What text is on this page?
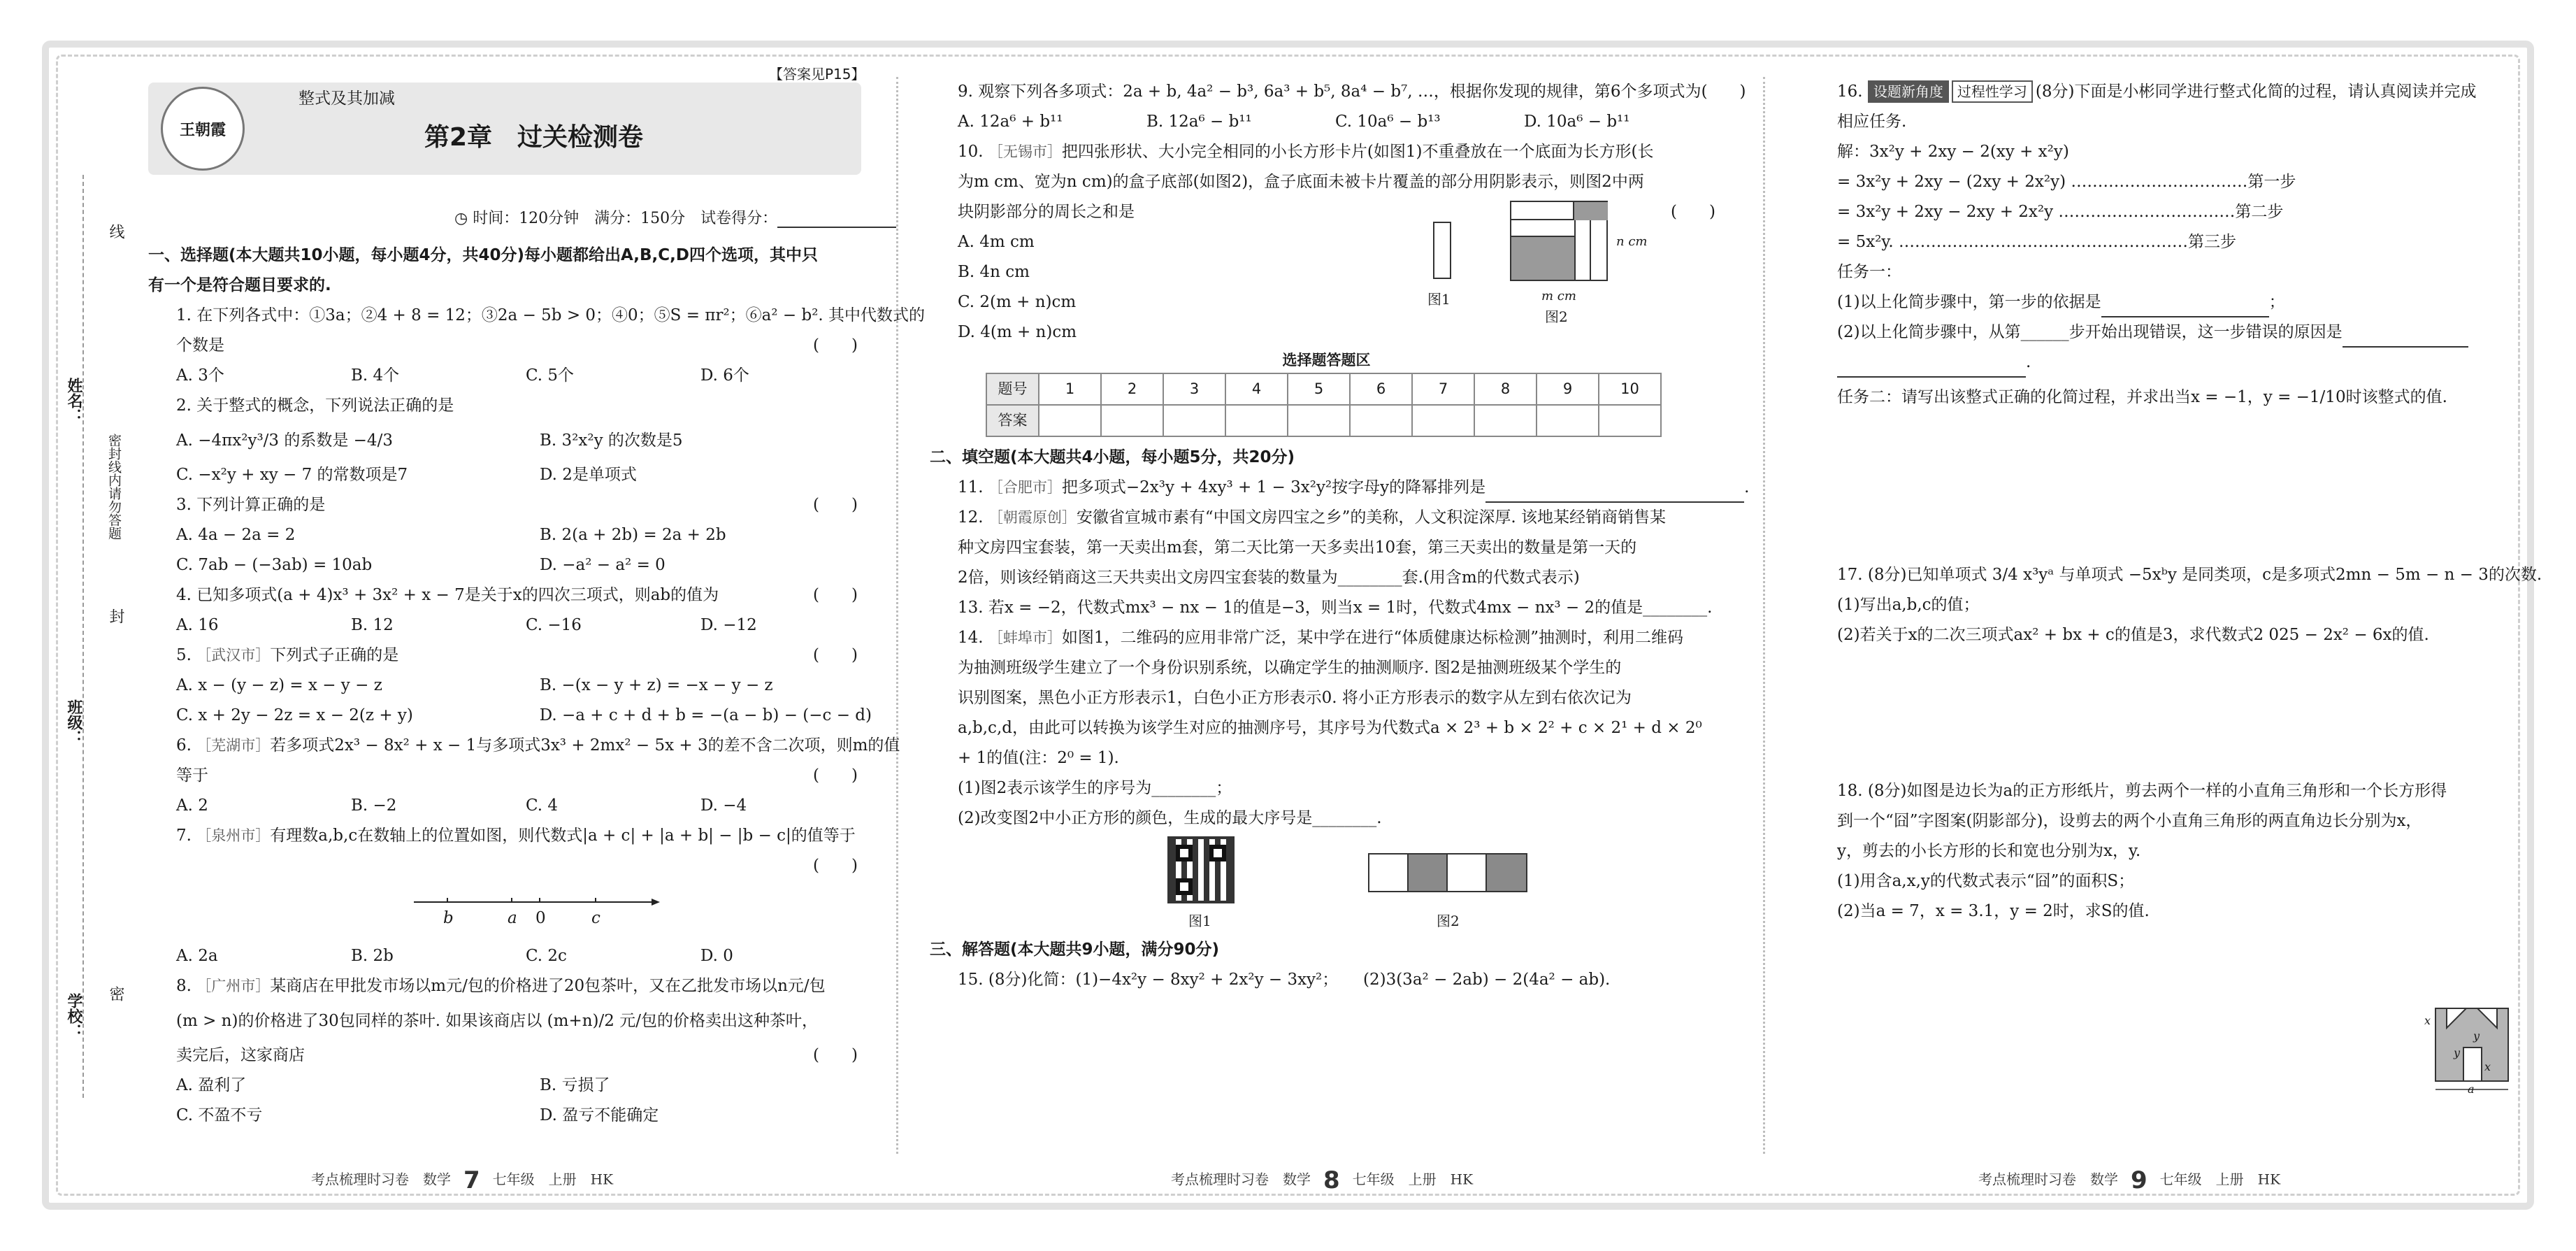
姓名：
班级：
学校：
线
密封线内请勿答题
封
密
王朝霞
整式及其加减
第2章　过关检测卷
【答案见P15】
◷ 时间：120分钟　满分：150分　试卷得分：
一、选择题(本大题共10小题，每小题4分，共40分)每小题都给出A,B,C,D四个选项，其中只
有一个是符合题目要求的.
1. 在下列各式中：①3a；②4 + 8 = 12；③2a − 5b > 0；④0；⑤S = πr²；⑥a² − b². 其中代数式的
个数是	(　　)
A. 3个	B. 4个	C. 5个	D. 6个
2. 关于整式的概念，下列说法正确的是
A. −4πx²y³/3 的系数是 −4/3	B. 3²x²y 的次数是5
C. −x²y + xy − 7 的常数项是7	D. 2是单项式
3. 下列计算正确的是	(　　)
A. 4a − 2a = 2	B. 2(a + 2b) = 2a + 2b
C. 7ab − (−3ab) = 10ab	D. −a² − a² = 0
4. 已知多项式(a + 4)x³ + 3x² + x − 7是关于x的四次三项式，则ab的值为	(　　)
A. 16	B. 12	C. −16	D. −12
5. ［武汉市］下列式子正确的是	(　　)
A. x − (y − z) = x − y − z	B. −(x − y + z) = −x − y − z
C. x + 2y − 2z = x − 2(z + y)	D. −a + c + d + b = −(a − b) − (−c − d)
6. ［芜湖市］若多项式2x³ − 8x² + x − 1与多项式3x³ + 2mx² − 5x + 3的差不含二次项，则m的值
等于	(　　)
A. 2	B. −2	C. 4	D. −4
7. ［泉州市］有理数a,b,c在数轴上的位置如图，则代数式|a + c| + |a + b| − |b − c|的值等于
(　　)
b	a 0	c
A. 2a	B. 2b	C. 2c	D. 0
8. ［广州市］某商店在甲批发市场以m元/包的价格进了20包茶叶，又在乙批发市场以n元/包
(m > n)的价格进了30包同样的茶叶. 如果该商店以 (m+n)/2 元/包的价格卖出这种茶叶，
卖完后，这家商店	(　　)
A. 盈利了	B. 亏损了
C. 不盈不亏	D. 盈亏不能确定
9. 观察下列各多项式：2a + b, 4a² − b³, 6a³ + b⁵, 8a⁴ − b⁷, …，根据你发现的规律，第6个多项式为 (　　)
A. 12a⁶ + b¹¹	B. 12a⁶ − b¹¹	C. 10a⁶ − b¹³	D. 10a⁶ − b¹¹
10. ［无锡市］把四张形状、大小完全相同的小长方形卡片(如图1)不重叠放在一个底面为长方形(长
为m cm、宽为n cm)的盒子底部(如图2)，盒子底面未被卡片覆盖的部分用阴影表示，则图2中两
块阴影部分的周长之和是
A. 4m cm
B. 4n cm
C. 2(m + n)cm
D. 4(m + n)cm
(　　)
图1
n cm
m cm
图2
选择题答题区
题号	1	2	3	4	5	6	7	8	9	10
答案										
二、填空题(本大题共4小题，每小题5分，共20分)
11. ［合肥市］把多项式−2x³y + 4xy³ + 1 − 3x²y²按字母y的降幂排列是	.
12. ［朝霞原创］安徽省宣城市素有“中国文房四宝之乡”的美称，人文积淀深厚. 该地某经销商销售某
种文房四宝套装，第一天卖出m套，第二天比第一天多卖出10套，第三天卖出的数量是第一天的
2倍，则该经销商这三天共卖出文房四宝套装的数量为________套.(用含m的代数式表示)
13. 若x = −2，代数式mx³ − nx − 1的值是−3，则当x = 1时，代数式4mx − nx³ − 2的值是________.
14. ［蚌埠市］如图1，二维码的应用非常广泛，某中学在进行“体质健康达标检测”抽测时，利用二维码
为抽测班级学生建立了一个身份识别系统，以确定学生的抽测顺序. 图2是抽测班级某个学生的
识别图案，黑色小正方形表示1，白色小正方形表示0. 将小正方形表示的数字从左到右依次记为
a,b,c,d，由此可以转换为该学生对应的抽测序号，其序号为代数式a × 2³ + b × 2² + c × 2¹ + d × 2⁰
+ 1的值(注：2⁰ = 1).
(1)图2表示该学生的序号为________；
(2)改变图2中小正方形的颜色，生成的最大序号是________.
图1	图2
三、解答题(本大题共9小题，满分90分)
15. (8分)化简：(1)−4x²y − 8xy² + 2x²y − 3xy²； (2)3(3a² − 2ab) − 2(4a² − ab).
16. 设题新角度 过程性学习 (8分)下面是小彬同学进行整式化简的过程，请认真阅读并完成
相应任务.
解：3x²y + 2xy − 2(xy + x²y)
= 3x²y + 2xy − (2xy + 2x²y) ……………………………第一步
= 3x²y + 2xy − 2xy + 2x²y ……………………………第二步
= 5x²y. ………………………………………………第三步
任务一：
(1)以上化简步骤中，第一步的依据是	；
(2)以上化简步骤中，从第______步开始出现错误，这一步错误的原因是
.
任务二：请写出该整式正确的化简过程，并求出当x = −1，y = −1/10时该整式的值.
17. (8分)已知单项式 3/4 x³yᵃ 与单项式 −5xᵇy 是同类项，c是多项式2mn − 5m − n − 3的次数.
(1)写出a,b,c的值；
(2)若关于x的二次三项式ax² + bx + c的值是3，求代数式2 025 − 2x² − 6x的值.
18. (8分)如图是边长为a的正方形纸片，剪去两个一样的小直角三角形和一个长方形得
到一个“囧”字图案(阴影部分)，设剪去的两个小直角三角形的两直角边长分别为x，
y，剪去的小长方形的长和宽也分别为x，y.
(1)用含a,x,y的代数式表示“囧”的面积S；
(2)当a = 7，x = 3.1，y = 2时，求S的值.
x
y
y
x
a
考点梳理时习卷　数学 7 七年级　上册　HK	考点梳理时习卷　数学 8 七年级　上册　HK	考点梳理时习卷　数学 9 七年级　上册　HK
